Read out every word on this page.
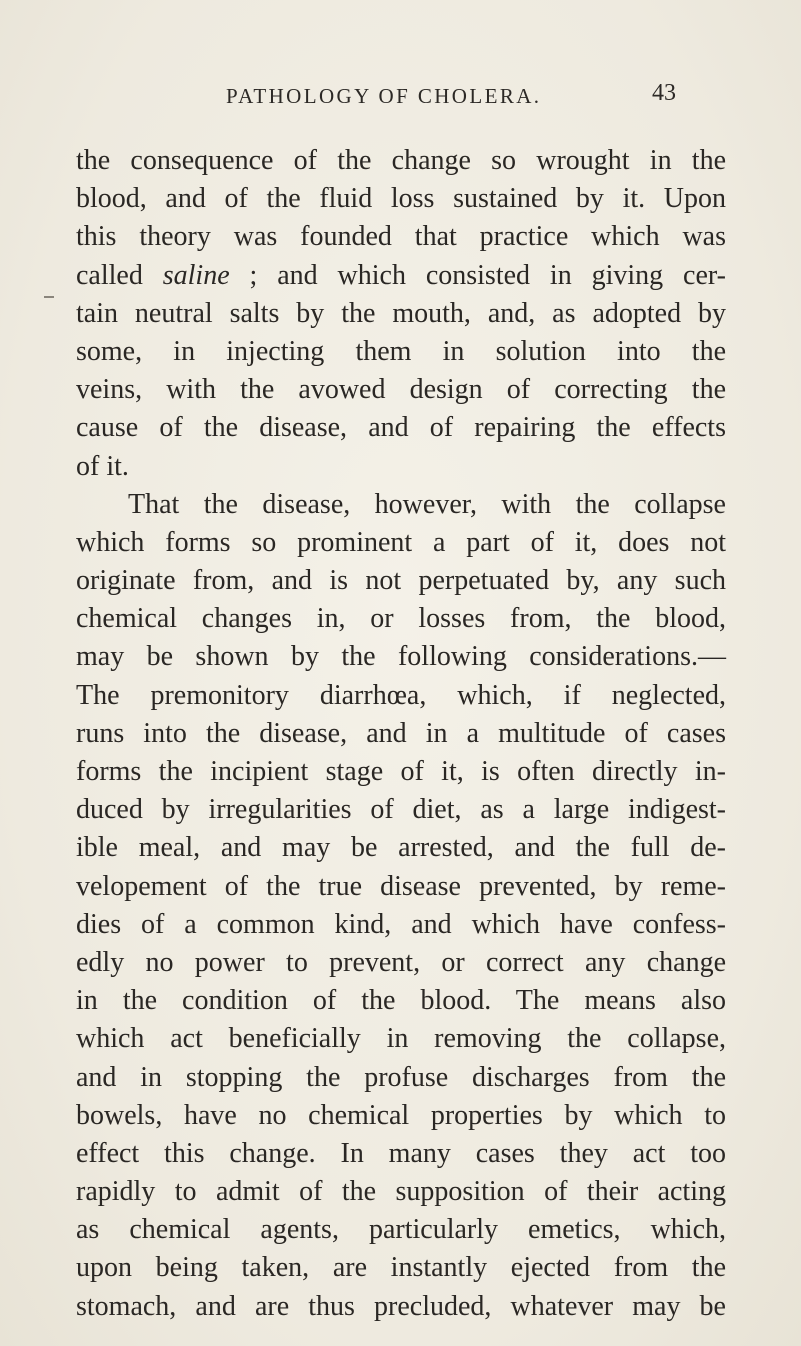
PATHOLOGY OF CHOLERA.	43
the consequence of the change so wrought in the
blood, and of the fluid loss sustained by it. Upon
this theory was founded that practice which was
called saline ; and which consisted in giving cer-
tain neutral salts by the mouth, and, as adopted by
some, in injecting them in solution into the
veins, with the avowed design of correcting the
cause of the disease, and of repairing the effects
of it.
That the disease, however, with the collapse
which forms so prominent a part of it, does not
originate from, and is not perpetuated by, any such
chemical changes in, or losses from, the blood,
may be shown by the following considerations.—
The premonitory diarrhœa, which, if neglected,
runs into the disease, and in a multitude of cases
forms the incipient stage of it, is often directly in-
duced by irregularities of diet, as a large indigest-
ible meal, and may be arrested, and the full de-
velopement of the true disease prevented, by reme-
dies of a common kind, and which have confess-
edly no power to prevent, or correct any change
in the condition of the blood. The means also
which act beneficially in removing the collapse,
and in stopping the profuse discharges from the
bowels, have no chemical properties by which to
effect this change. In many cases they act too
rapidly to admit of the supposition of their acting
as chemical agents, particularly emetics, which,
upon being taken, are instantly ejected from the
stomach, and are thus precluded, whatever may be
